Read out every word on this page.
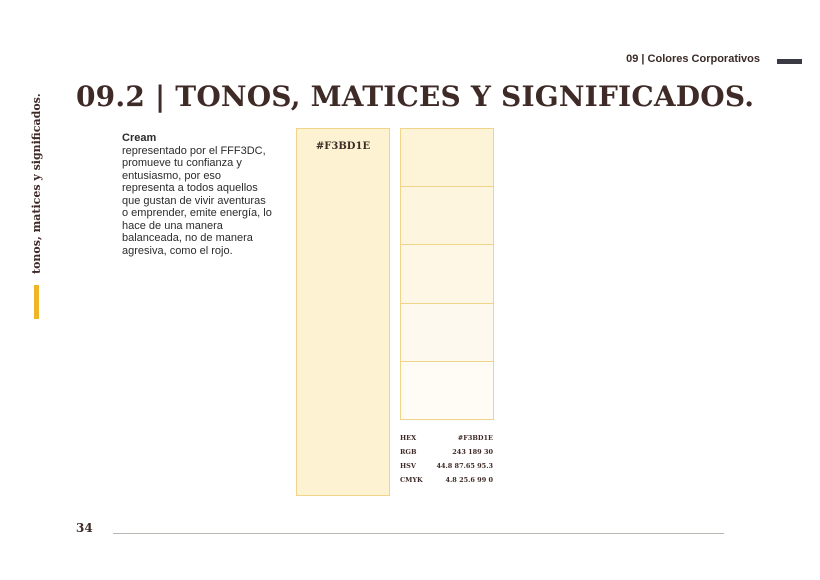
09 | Colores Corporativos
09.2 | TONOS, MATICES Y SIGNIFICADOS.
tonos, matices y significados.	Cream
representado por el FFF3DC, promueve tu confianza y entusiasmo, por eso representa a todos aquellos que gustan de vivir aventuras o emprender, emite energía, lo hace de una manera balanceada, no de manera agresiva, como el rojo.
#F3BD1E
HEX	#F3BD1E
RGB	243 189 30
HSV	44.8 87.65 95.3
CMYK	4.8 25.6 99 0
34
